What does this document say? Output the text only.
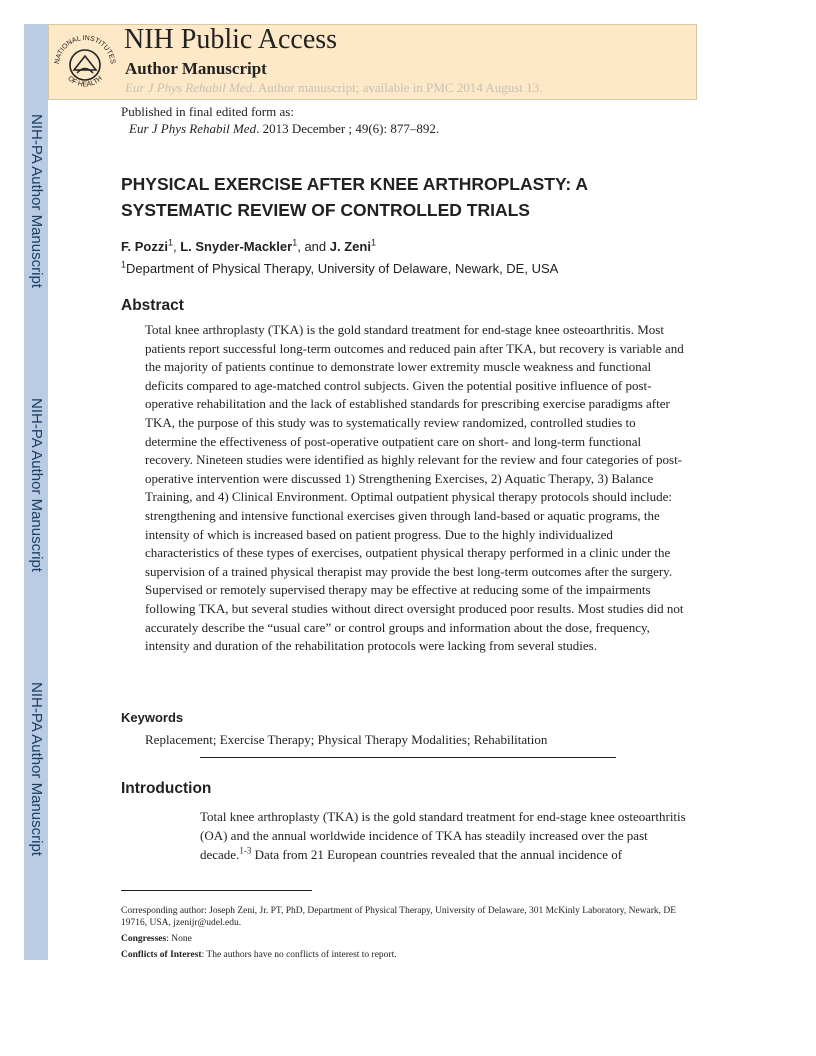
NIH-PA Author Manuscript
NIH-PA Author Manuscript
NIH-PA Author Manuscript
NATIONAL INSTITUTES
OF HEALTH
NIH Public Access
Author Manuscript
Eur J Phys Rehabil Med. Author manuscript; available in PMC 2014 August 13.
Published in final edited form as:
Eur J Phys Rehabil Med. 2013 December ; 49(6): 877–892.
PHYSICAL EXERCISE AFTER KNEE ARTHROPLASTY: A SYSTEMATIC REVIEW OF CONTROLLED TRIALS
F. Pozzi$^1$, L. Snyder-Mackler$^1$, and J. Zeni$^1$
$^1$Department of Physical Therapy, University of Delaware, Newark, DE, USA
Abstract
Total knee arthroplasty (TKA) is the gold standard treatment for end-stage knee osteoarthritis. Most patients report successful long-term outcomes and reduced pain after TKA, but recovery is variable and the majority of patients continue to demonstrate lower extremity muscle weakness and functional deficits compared to age-matched control subjects. Given the potential positive influence of post-operative rehabilitation and the lack of established standards for prescribing exercise paradigms after TKA, the purpose of this study was to systematically review randomized, controlled studies to determine the effectiveness of post-operative outpatient care on short- and long-term functional recovery. Nineteen studies were identified as highly relevant for the review and four categories of post-operative intervention were discussed 1) Strengthening Exercises, 2) Aquatic Therapy, 3) Balance Training, and 4) Clinical Environment. Optimal outpatient physical therapy protocols should include: strengthening and intensive functional exercises given through land-based or aquatic programs, the intensity of which is increased based on patient progress. Due to the highly individualized characteristics of these types of exercises, outpatient physical therapy performed in a clinic under the supervision of a trained physical therapist may provide the best long-term outcomes after the surgery. Supervised or remotely supervised therapy may be effective at reducing some of the impairments following TKA, but several studies without direct oversight produced poor results. Most studies did not accurately describe the “usual care” or control groups and information about the dose, frequency, intensity and duration of the rehabilitation protocols were lacking from several studies.
Keywords
Replacement; Exercise Therapy; Physical Therapy Modalities; Rehabilitation
Introduction
Total knee arthroplasty (TKA) is the gold standard treatment for end-stage knee osteoarthritis (OA) and the annual worldwide incidence of TKA has steadily increased over the past decade.$^{1-3}$ Data from 21 European countries revealed that the annual incidence of

Corresponding author: Joseph Zeni, Jr. PT, PhD, Department of Physical Therapy, University of Delaware, 301 McKinly Laboratory, Newark, DE 19716, USA, jzenijr@udel.edu.

Congresses: None

Conflicts of Interest: The authors have no conflicts of interest to report.
